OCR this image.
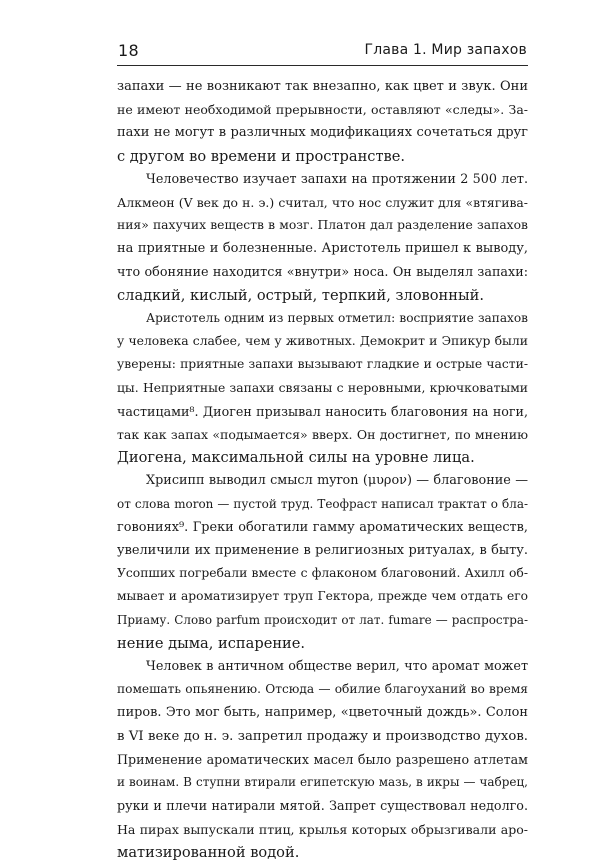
18	Глава 1. Мир запахов

запахи — не возникают так внезапно, как цвет и звук. Они
не имеют необходимой прерывности, оставляют «следы». За-
пахи не могут в различных модификациях сочетаться друг
с другом во времени и пространстве.

Человечество изучает запахи на протяжении 2 500 лет.
Алкмеон (V век до н. э.) считал, что нос служит для «втягива-
ния» пахучих веществ в мозг. Платон дал разделение запахов
на приятные и болезненные. Аристотель пришел к выводу,
что обоняние находится «внутри» носа. Он выделял запахи:
сладкий, кислый, острый, терпкий, зловонный.

Аристотель одним из первых отметил: восприятие запахов
у человека слабее, чем у животных. Демокрит и Эпикур были
уверены: приятные запахи вызывают гладкие и острые части-
цы. Неприятные запахи связаны с неровными, крючковатыми
частицами⁸. Диоген призывал наносить благовония на ноги,
так как запах «подымается» вверх. Он достигнет, по мнению
Диогена, максимальной силы на уровне лица.

Хрисипп выводил смысл myron (μυρον) — благовоние —
от слова moron — пустой труд. Теофраст написал трактат о бла-
говониях⁹. Греки обогатили гамму ароматических веществ,
увеличили их применение в религиозных ритуалах, в быту.
Усопших погребали вместе с флаконом благовоний. Ахилл об-
мывает и ароматизирует труп Гектора, прежде чем отдать его
Приаму. Слово parfum происходит от лат. fumare — распростра-
нение дыма, испарение.

Человек в античном обществе верил, что аромат может
помешать опьянению. Отсюда — обилие благоуханий во время
пиров. Это мог быть, например, «цветочный дождь». Солон
в VI веке до н. э. запретил продажу и производство духов.
Применение ароматических масел было разрешено атлетам
и воинам. В ступни втирали египетскую мазь, в икры — чабрец,
руки и плечи натирали мятой. Запрет существовал недолго.
На пирах выпускали птиц, крылья которых обрызгивали аро-
матизированной водой.
